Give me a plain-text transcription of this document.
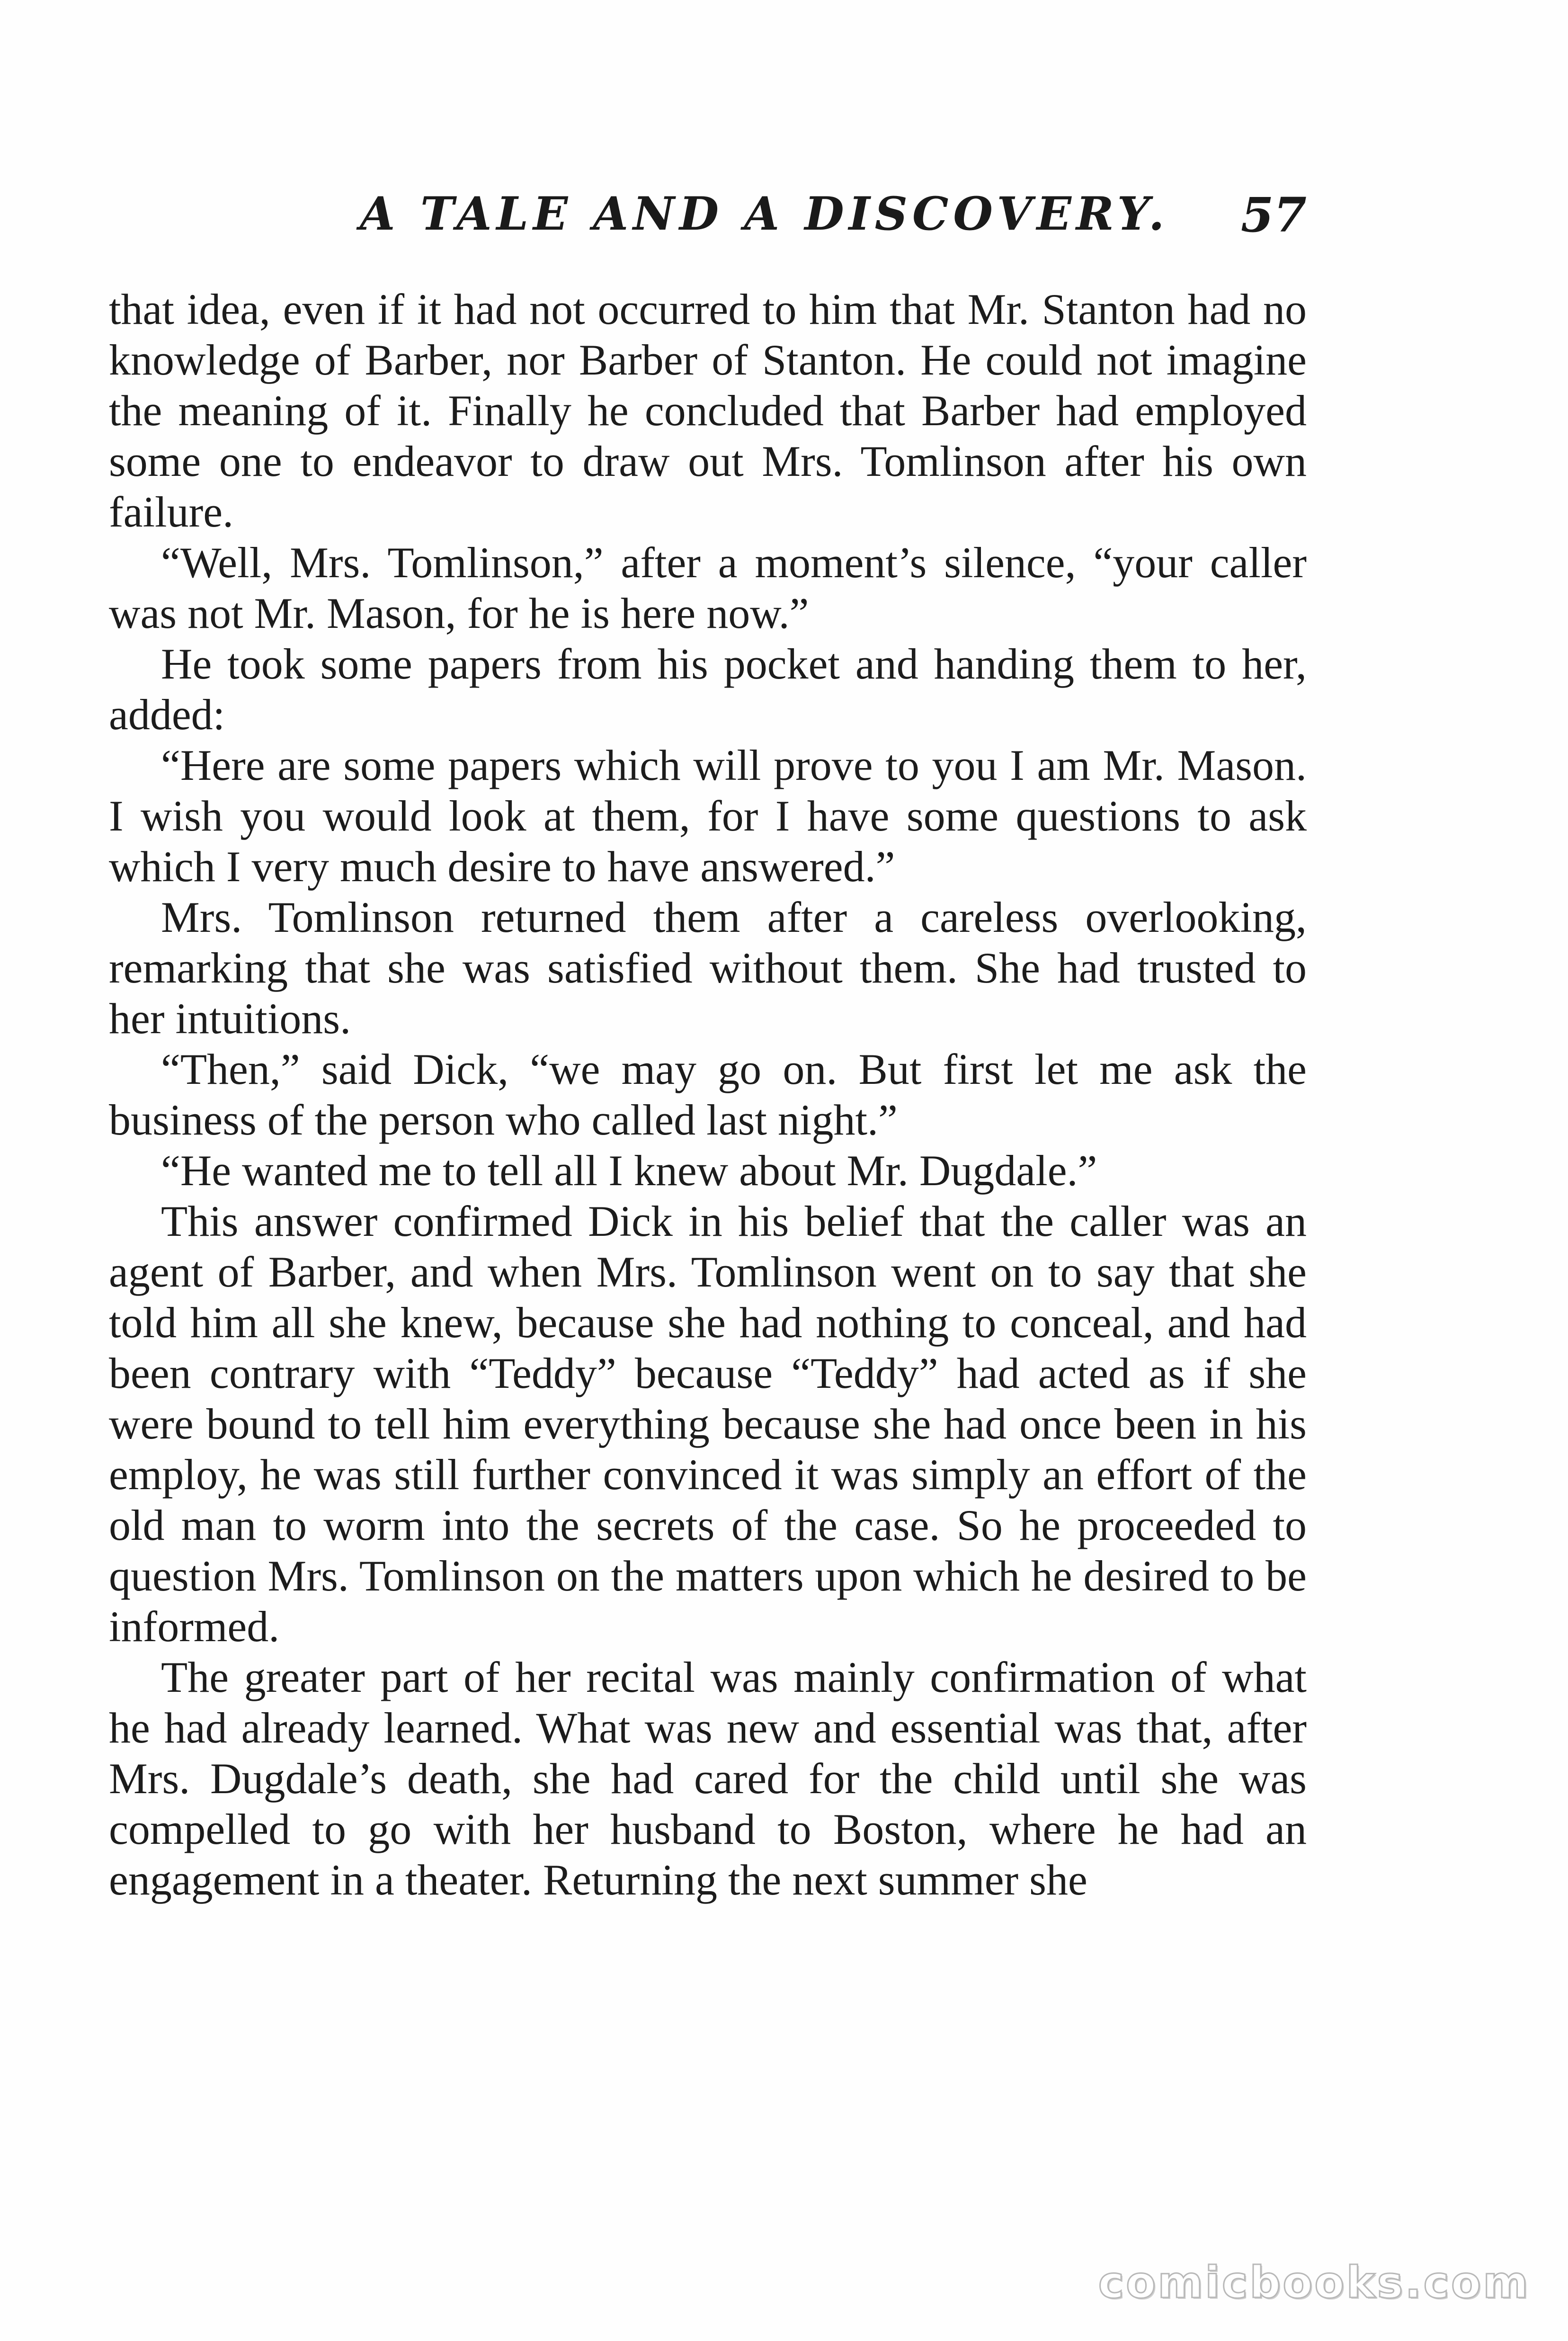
A TALE AND A DISCOVERY. 57

that idea, even if it had not occurred to him that Mr. Stanton had no knowledge of Barber, nor Barber of Stanton. He could not imagine the meaning of it. Finally he concluded that Barber had employed some one to endeavor to draw out Mrs. Tomlinson after his own failure.

“Well, Mrs. Tomlinson,” after a moment’s silence, “your caller was not Mr. Mason, for he is here now.”

He took some papers from his pocket and handing them to her, added:

“Here are some papers which will prove to you I am Mr. Mason. I wish you would look at them, for I have some questions to ask which I very much desire to have answered.”

Mrs. Tomlinson returned them after a careless overlooking, remarking that she was satisfied without them. She had trusted to her intuitions.

“Then,” said Dick, “we may go on. But first let me ask the business of the person who called last night.”

“He wanted me to tell all I knew about Mr. Dugdale.”

This answer confirmed Dick in his belief that the caller was an agent of Barber, and when Mrs. Tomlinson went on to say that she told him all she knew, because she had nothing to conceal, and had been contrary with “Teddy” because “Teddy” had acted as if she were bound to tell him everything because she had once been in his employ, he was still further convinced it was simply an effort of the old man to worm into the secrets of the case. So he proceeded to question Mrs. Tomlinson on the matters upon which he desired to be informed.

The greater part of her recital was mainly confirmation of what he had already learned. What was new and essential was that, after Mrs. Dugdale’s death, she had cared for the child until she was compelled to go with her husband to Boston, where he had an engagement in a theater. Returning the next summer she

comicbooks.com
